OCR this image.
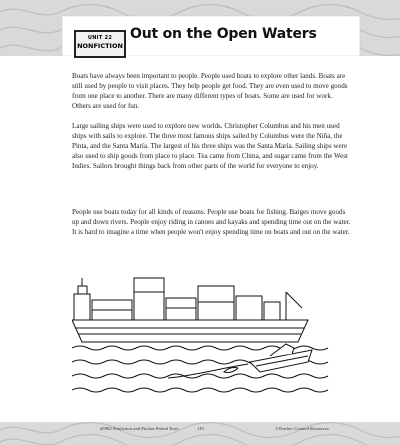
UNIT 22
NONFICTION
Out on the Open Waters

Boats have always been important to people. People used boats to explore other lands. Boats are still used by people to visit places. They help people get food. They are even used to move goods from one place to another. There are many different types of boats. Some are used for work. Others are used for fun.

Large sailing ships were used to explore new worlds. Christopher Columbus and his men used ships with sails to explore. The three most famous ships sailed by Columbus were the Niña, the Pinta, and the Santa María. The largest of his three ships was the Santa María. Sailing ships were also used to ship goods from place to place. Tea came from China, and sugar came from the West Indies. Sailors brought things back from other parts of the world for everyone to enjoy.

People use boats today for all kinds of reasons. People use boats for fishing. Barges move goods up and down rivers. People enjoy riding in canoes and kayaks and spending time out on the water. It is hard to imagine a time when people won't enjoy spending time on boats and out on the water.

#3992 Nonfiction and Fiction Paired Texts	119	©Teacher Created Resources
